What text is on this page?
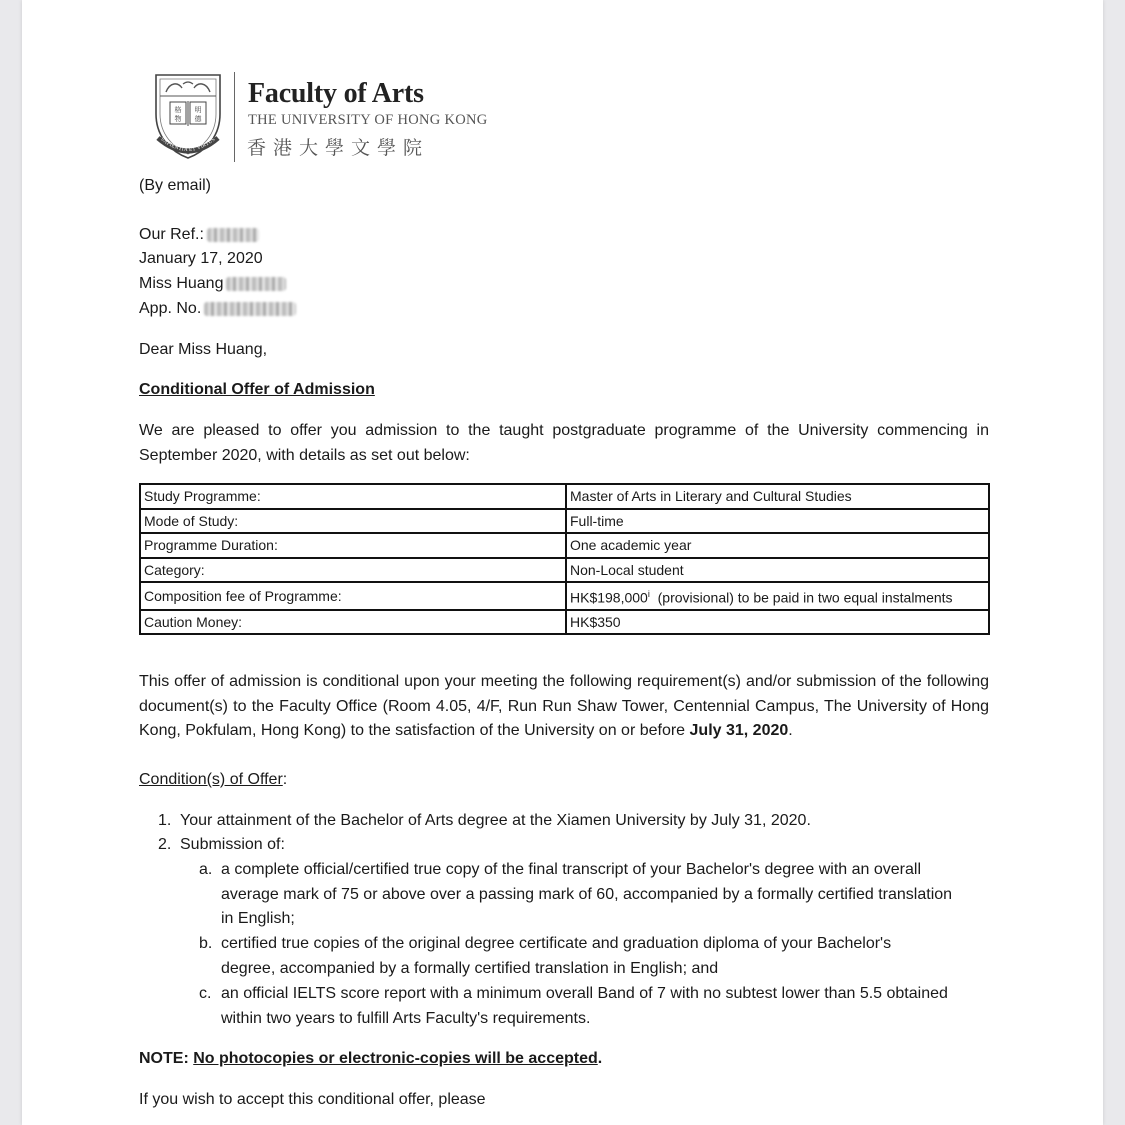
格 明
物 德
SAPIENTIA ET VIRTUS
Faculty of Arts
THE UNIVERSITY OF HONG KONG
香港大學文學院
(By email)
Our Ref.:
January 17, 2020
Miss Huang
App. No.
Dear Miss Huang,
Conditional Offer of Admission
We are pleased to offer you admission to the taught postgraduate programme of the University commencing in September 2020, with details as set out below:
Study Programme:	Master of Arts in Literary and Cultural Studies
Mode of Study:	Full-time
Programme Duration:	One academic year
Category:	Non-Local student
Composition fee of Programme:	HK$198,000$^i$  (provisional) to be paid in two equal instalments
Caution Money:	HK$350
This offer of admission is conditional upon your meeting the following requirement(s) and/or submission of the following document(s) to the Faculty Office (Room 4.05, 4/F, Run Run Shaw Tower, Centennial Campus, The University of Hong Kong, Pokfulam, Hong Kong) to the satisfaction of the University on or before July 31, 2020.
Condition(s) of Offer:
1. Your attainment of the Bachelor of Arts degree at the Xiamen University by July 31, 2020.
2. Submission of:
a. a complete official/certified true copy of the final transcript of your Bachelor's degree with an overall
average mark of 75 or above over a passing mark of 60, accompanied by a formally certified translation
in English;
b. certified true copies of the original degree certificate and graduation diploma of your Bachelor's
degree, accompanied by a formally certified translation in English; and
c. an official IELTS score report with a minimum overall Band of 7 with no subtest lower than 5.5 obtained
within two years to fulfill Arts Faculty's requirements.
NOTE: No photocopies or electronic-copies will be accepted.
If you wish to accept this conditional offer, please
